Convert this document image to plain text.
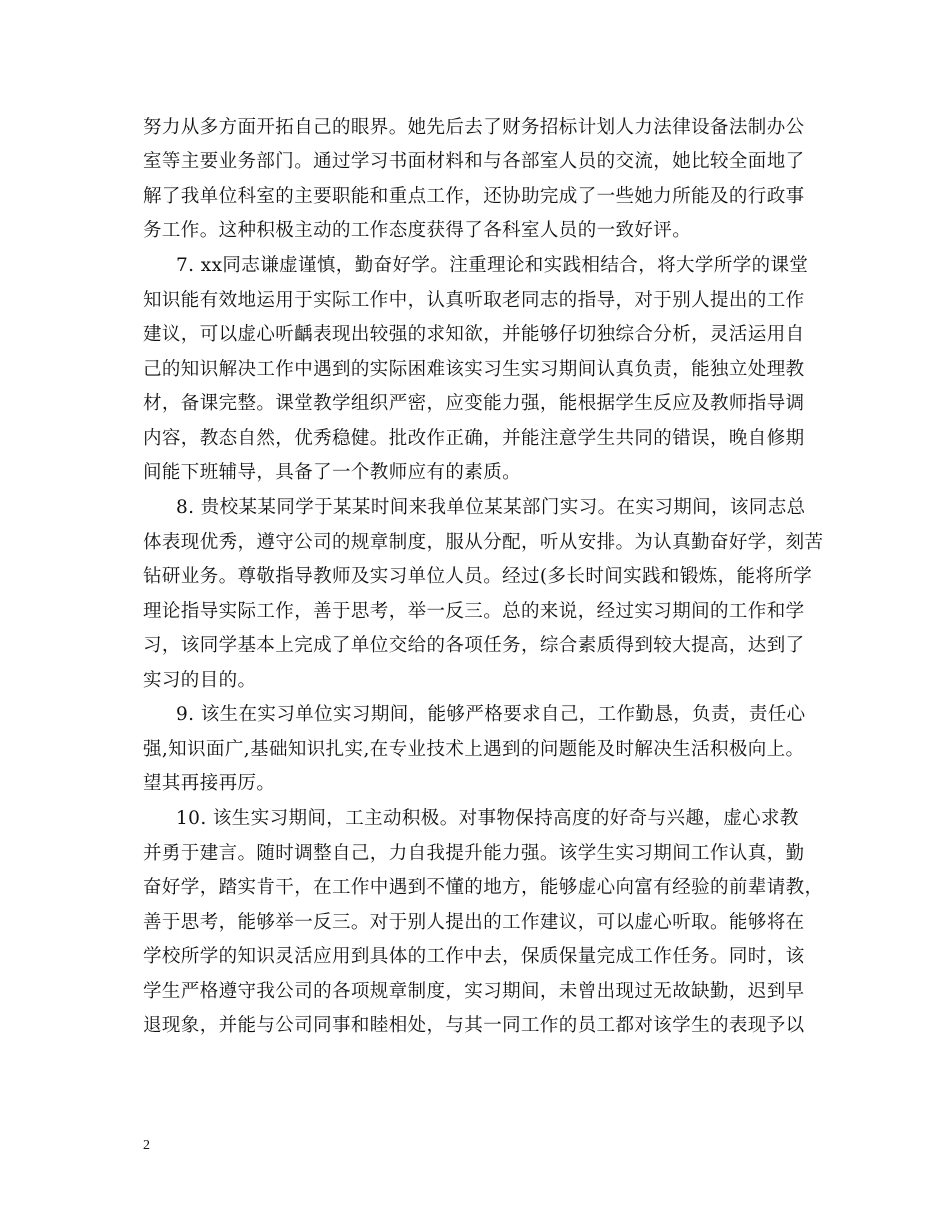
努力从多方面开拓自己的眼界。她先后去了财务招标计划人力法律设备法制办公
室等主要业务部门。通过学习书面材料和与各部室人员的交流，她比较全面地了
解了我单位科室的主要职能和重点工作，还协助完成了一些她力所能及的行政事
务工作。这种积极主动的工作态度获得了各科室人员的一致好评。
7. xx同志谦虚谨慎，勤奋好学。注重理论和实践相结合，将大学所学的课堂
知识能有效地运用于实际工作中，认真听取老同志的指导，对于别人提出的工作
建议，可以虚心听齲表现出较强的求知欲，并能够仔切独综合分析，灵活运用自
己的知识解决工作中遇到的实际困难该实习生实习期间认真负责，能独立处理教
材，备课完整。课堂教学组织严密，应变能力强，能根据学生反应及教师指导调
内容，教态自然，优秀稳健。批改作正确，并能注意学生共同的错误，晚自修期
间能下班辅导，具备了一个教师应有的素质。
8. 贵校某某同学于某某时间来我单位某某部门实习。在实习期间，该同志总
体表现优秀，遵守公司的规章制度，服从分配，听从安排。为认真勤奋好学，刻苦
钻研业务。尊敬指导教师及实习单位人员。经过(多长时间实践和锻炼，能将所学
理论指导实际工作，善于思考，举一反三。总的来说，经过实习期间的工作和学
习，该同学基本上完成了单位交给的各项任务，综合素质得到较大提高，达到了
实习的目的。
9. 该生在实习单位实习期间，能够严格要求自己，工作勤恳，负责，责任心
强,知识面广,基础知识扎实,在专业技术上遇到的问题能及时解决生活积极向上。
望其再接再厉。
10. 该生实习期间，工主动积极。对事物保持高度的好奇与兴趣，虚心求教
并勇于建言。随时调整自己，力自我提升能力强。该学生实习期间工作认真，勤
奋好学，踏实肯干，在工作中遇到不懂的地方，能够虚心向富有经验的前辈请教，
善于思考，能够举一反三。对于别人提出的工作建议，可以虚心听取。能够将在
学校所学的知识灵活应用到具体的工作中去，保质保量完成工作任务。同时，该
学生严格遵守我公司的各项规章制度，实习期间，未曾出现过无故缺勤，迟到早
退现象，并能与公司同事和睦相处，与其一同工作的员工都对该学生的表现予以
2
